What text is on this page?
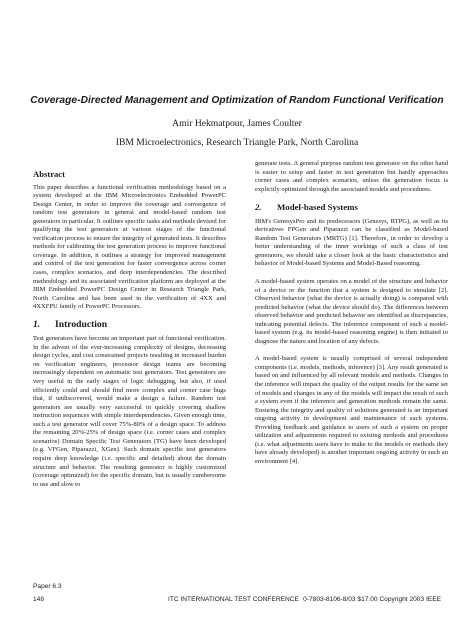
Coverage-Directed Management and Optimization of Random Functional Verification
Amir Hekmatpour, James Coulter
IBM Microelectronics, Research Triangle Park, North Carolina
Abstract

This paper describes a functional verification methodology based on a system developed at the IBM Microelectronics Embedded PowerPC Design Center, in order to improve the coverage and convergence of random test generators in general and model-based random test generators in particular. It outlines specific tasks and methods devised for qualifying the test generators at various stages of the functional verification process to ensure the integrity of generated tests. It describes methods for calibrating the test generation process to improve functional coverage. In addition, it outlines a strategy for improved management and control of the test generation for faster convergence across corner cases, complex scenarios, and deep interdependencies. The described methodology and its associated verification platform are deployed at the IBM Embedded PowerPC Design Center in Research Triangle Park, North Carolina and has been used in the verification of 4XX and 4XXFPU family of PowerPC Processors.

1. Introduction

Test generators have become an important part of functional verification. In the advent of the ever-increasing complexity of designs, decreasing design cycles, and cost constrained projects resulting in increased burden on verification engineers, processor design teams are becoming increasingly dependent on automatic test generators. Test generators are very useful in the early stages of logic debugging, but also, if used efficiently could and should find more complex and corner case bugs that, if undiscovered, would make a design a failure. Random test generators are usually very successful in quickly covering shallow instruction sequences with simple interdependencies. Given enough time, such a test generator will cover 75%-80% of a design space. To address the remaining 20%-25% of design space (i.e. corner cases and complex scenarios) Domain Specific Test Generators (TG) have been developed (e.g. VFGen, Piparazzi, XGen). Such domain specific test generators require deep knowledge (i.e. specific and detailed) about the domain structure and behavior. The resulting generator is highly customized (coverage optimized) for the specific domain, but is usually cumbersome to use and slow to

generate tests. A general purpose random test generator on the other hand is easier to setup and faster in test generation but hardly approaches corner cases and complex scenarios, unless the generation focus is explicitly optimized through the associated models and procedures.

2. Model-based Systems

IBM's GenesysPro and its predecessors (Genesys, RTPG), as well as its derivatives FPGen and Piparazzi can be classified as Model-based Random Test Generators (MRTG) [1]. Therefore, in order to develop a better understanding of the inner workings of such a class of test generators, we should take a closer look at the basic characteristics and behavior of Model-based Systems and Model-Based reasoning.

A model-based system operates on a model of the structure and behavior of a device or the function that a system is designed to simulate [2]. Observed behavior (what the device is actually doing) is compared with predicted behavior (what the device should do). The differences between observed behavior and predicted behavior are identified as discrepancies, indicating potential defects. The inference component of such a model-based system (e.g. its model-based reasoning engine) is then initiated to diagnose the nature and location of any defects.

A model-based system is usually comprised of several independent components (i.e. models, methods, inference) [3]. Any result generated is based on and influenced by all relevant models and methods. Changes in the inference will impact the quality of the output results for the same set of models and changes in any of the models will impact the result of such a system even if the inference and generation methods remain the same. Ensuring the integrity and quality of solutions generated is an important ongoing activity in development and maintenance of such systems. Providing feedback and guidance to users of such a system on proper utilization and adjustments required to existing methods and procedures (i.e. what adjustments users have to make to the models or methods they have already developed) is another important ongoing activity in such an environment [4].

Paper 6.3
148	ITC INTERNATIONAL TEST CONFERENCE 0-7803-8106-8/03 $17.00 Copyright 2003 IEEE
